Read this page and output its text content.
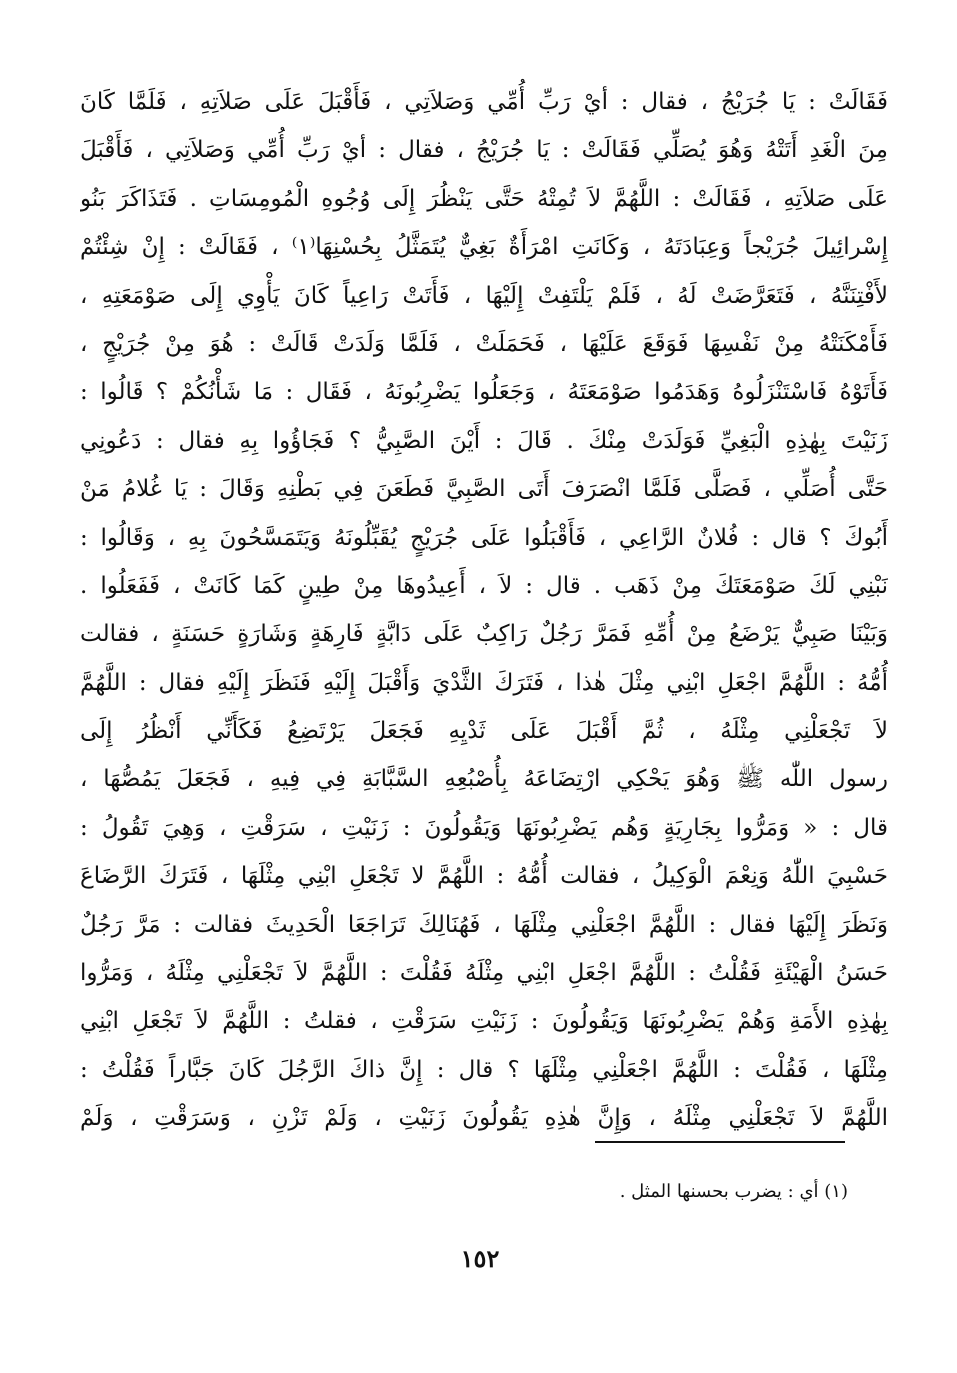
فَقَالَتْ : يَا جُرَيْجُ ، فقال : أيْ رَبِّ أُمِّي وَصَلاَتِي ، فَأَقْبَلَ عَلَى صَلاَتِهِ ، فَلَمَّا كَانَ
مِنَ الْغَدِ أَتَتْهُ وَهُوَ يُصَلِّي فَقَالَتْ : يَا جُرَيْجُ ، فقال : أيْ رَبِّ أُمِّي وَصَلاَتِي ، فَأَقْبَلَ
عَلَى صَلاَتِهِ ، فَقَالَتْ : اللَّهُمَّ لاَ تُمِتْهُ حَتَّى يَنْظُرَ إِلَى وُجُوهِ الْمُومِسَاتِ . فَتَذَاكَرَ بَنُو
إِسْرائِيلَ جُرَيْجاً وَعِبَادَتَهُ ، وَكَانَتِ امْرَأَةٌ بَغِيٌّ يُتَمَثَّلُ بِحُسْنِهَا⁽١⁾ ، فَقَالَتْ : إِنْ شِئْتُمْ
لأَفْتِنَنَّهُ ، فَتَعَرَّضَتْ لَهُ ، فَلَمْ يَلْتَفِتْ إِلَيْهَا ، فَأَتَتْ رَاعِياً كَانَ يَأْوِي إِلَى صَوْمَعَتِهِ ،
فَأَمْكَنَتْهُ مِنْ نَفْسِهَا فَوَقَعَ عَلَيْهَا ، فَحَمَلَتْ ، فَلَمَّا وَلَدَتْ قَالَتْ : هُوَ مِنْ جُرَيْجٍ ،
فَأَتَوْهُ فَاسْتَنْزَلُوهُ وَهَدَمُوا صَوْمَعَتَهُ ، وَجَعَلُوا يَضْرِبُونَهُ ، فَقَال : مَا شَأْنُكُمْ ؟ قَالُوا :
زَنَيْتَ بِهٰذِهِ الْبَغِيِّ فَوَلَدَتْ مِنْكَ . قَالَ : أَيْنَ الصَّبِيُّ ؟ فَجَاؤُوا بِهِ فقال : دَعُونِي
حَتَّى أُصَلِّي ، فَصَلَّى فَلَمَّا انْصَرَفَ أَتَى الصَّبِيَّ فَطَعَنَ فِي بَطْنِهِ وَقَالَ : يَا غُلامُ مَنْ
أَبُوكَ ؟ قال : فُلانٌ الرَّاعِي ، فَأَقْبَلُوا عَلَى جُرَيْجٍ يُقَبِّلُونَهُ وَيَتَمَسَّحُونَ بِهِ ، وَقَالُوا :
نَبْنِي لَكَ صَوْمَعَتَكَ مِنْ ذَهَب . قال : لاَ ، أَعِيدُوهَا مِنْ طِينٍ كَمَا كَانَتْ ، فَفَعَلُوا .
وَبَيْنَا صَبِيٌّ يَرْضَعُ مِنْ أُمِّهِ فَمَرَّ رَجُلٌ رَاكِبٌ عَلَى دَابَّةٍ فَارِهَةٍ وَشَارَةٍ حَسَنَةٍ ، فقالت
أُمُّهُ : اللَّهُمَّ اجْعَلِ ابْنِي مِثْلَ هٰذا ، فَتَرَكَ الثَّدْيَ وَأَقْبَلَ إِلَيْهِ فَنَظَرَ إِلَيْهِ فقال : اللَّهُمَّ
لاَ تَجْعَلْنِي مِثْلَهُ ، ثُمَّ أَقْبَلَ عَلَى ثَدْيِهِ فَجَعَلَ يَرْتَضِعُ فَكَأَنِّي أَنْظُرُ إِلَى
رسول اللّٰه ﷺ وَهُوَ يَحْكِي ارْتِضَاعَهُ بِأُصْبُعِهِ السَّبَّابَةِ فِي فِيهِ ، فَجَعَلَ يَمُصُّهَا ،
قال : « وَمَرُّوا بِجَارِيَةٍ وَهُم يَضْرِبُونَهَا وَيَقُولُونَ : زَنَيْتِ ، سَرَقْتِ ، وَهِيَ تَقُولُ :
حَسْبِيَ اللّٰهُ وَنِعْمَ الْوَكِيلُ ، فقالت أُمُّهُ : اللَّهُمَّ لا تَجْعَلِ ابْنِي مِثْلَهَا ، فَتَرَكَ الرَّضَاعَ
وَنَظَرَ إِلَيْهَا فقال : اللَّهُمَّ اجْعَلْنِي مِثْلَهَا ، فَهُنَالِكَ تَرَاجَعَا الْحَدِيثَ فقالت : مَرَّ رَجُلٌ
حَسَنُ الْهَيْئَةِ فَقُلْتُ : اللَّهُمَّ اجْعَلِ ابْنِي مِثْلَهُ فَقُلْتَ : اللَّهُمَّ لاَ تَجْعَلْنِي مِثْلَهُ ، وَمَرُّوا
بِهٰذِهِ الأَمَةِ وَهُمْ يَضْرِبُونَهَا وَيَقُولُونَ : زَنَيْتِ سَرَقْتِ ، فقلتُ : اللَّهُمَّ لاَ تَجْعَلِ ابْنِي
مِثْلَهَا ، فَقُلْتَ : اللَّهُمَّ اجْعَلْنِي مِثْلَهَا ؟ قال : إِنَّ ذاكَ الرَّجُلَ كَانَ جَبَّاراً فَقُلْتُ :
اللَّهُمَّ لاَ تَجْعَلْنِي مِثْلَهُ ، وَإِنَّ هٰذِهِ يَقُولُونَ زَنَيْتِ ، وَلَمْ تَزْنِ ، وَسَرَقْتِ ، وَلَمْ
(١) أي : يضرب بحسنها المثل .
١٥٢
